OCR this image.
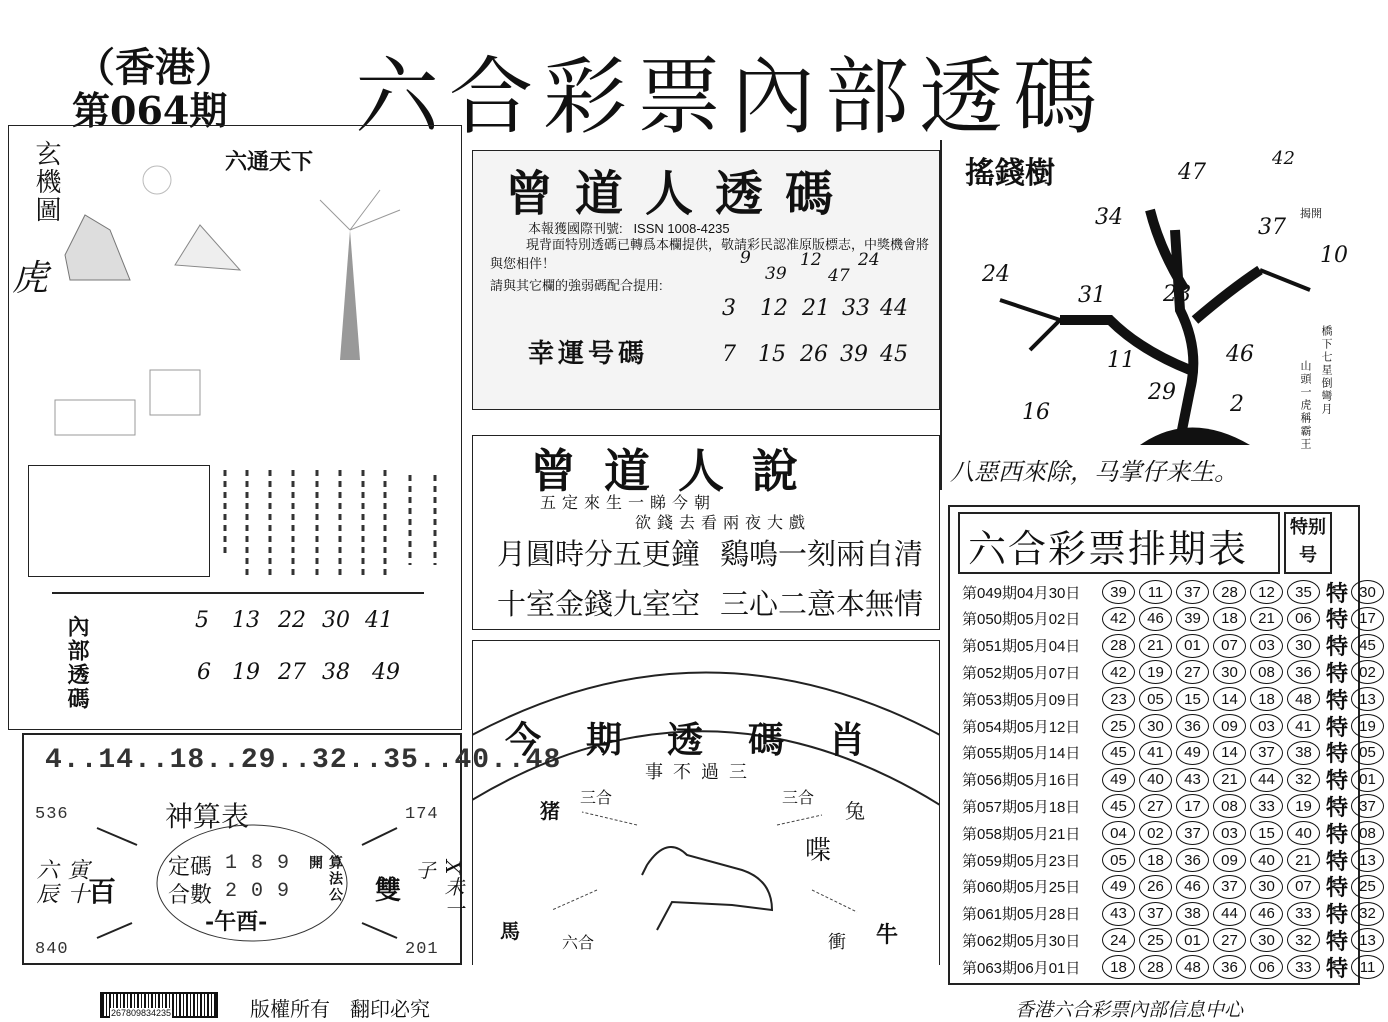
（香港）
第064期 六合彩票內部透碼
玄機圖
虎
六通天下
內部透碼	5 13 22 30 41
6 19 27 38 49
4..14..18..29..32..35..40..48
神算表
536	174
840	201
寅十六辰	百
定碼 1 8 9
合數 2 0 9	算法公開
-午酉-
雙	X未一子
曾道人透碼
本報獲國際刊號:   ISSN 1008-4235
現背面特別透碼已轉爲本欄提供，敬請彩民認准原版標志，中獎機會將與您相伴！
請與其它欄的強弱碼配合提用:
9
39
12
47
24
幸運号碼
3 12 21 33 44
7 15 26 39 45
曾道人說
五定來生一睇今朝
欲錢去看兩夜大戲
月圓時分五更鐘 鷄鳴一刻兩自清
十室金錢九室空 三心二意本無情
今期透碼肖
事不過三
猪
三合	三合
兔
喋
馬	六合	衝 牛
搖錢樹	47
42
34	37
10
24
31	28
11	46
29 2
16
揭開
橋下七星倒彎月
山頭一虎稱霸王
八惡西來除，马掌仔来生。
六合彩票排期表 特别号
第049期04月30日	39	11	37	28	12	35 特 30
第050期05月02日	42	46	39	18	21	06 特 17
第051期05月04日	28	21	01	07	03	30 特 45
第052期05月07日	42	19	27	30	08	36 特 02
第053期05月09日	23	05	15	14	18	48 特 13
第054期05月12日	25	30	36	09	03	41 特 19
第055期05月14日	45	41	49	14	37	38 特 05
第056期05月16日	49	40	43	21	44	32 特 01
第057期05月18日	45	27	17	08	33	19 特 37
第058期05月21日	04	02	37	03	15	40 特 08
第059期05月23日	05	18	36	09	40	21 特 13
第060期05月25日	49	26	46	37	30	07 特 25
第061期05月28日	43	37	38	44	46	33 特 32
第062期05月30日	24	25	01	27	30	32 特 13
第063期06月01日	18	28	48	36	06	33 特 11
267809834235	版權所有　翻印必究	香港六合彩票內部信息中心
